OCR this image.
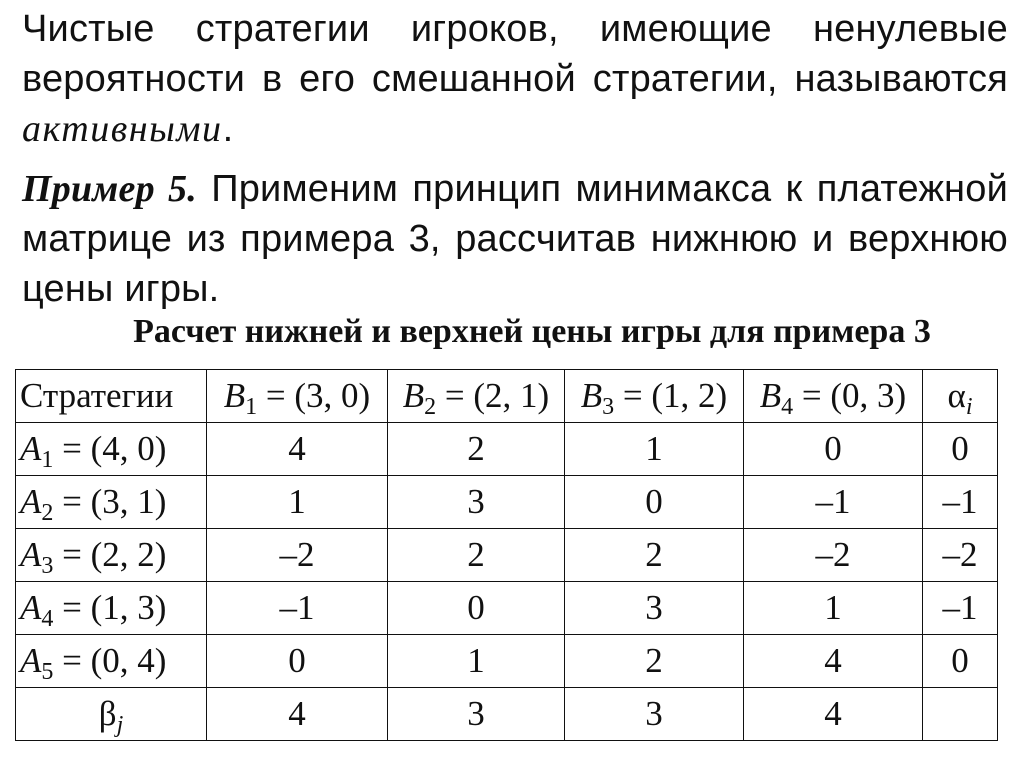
Чистые стратегии игроков, имеющие ненулевые вероятности в его смешанной стратегии, называются активными.
Пример 5. Применим принцип минимакса к платежной матрице из примера 3, рассчитав нижнюю и верхнюю цены игры.
Расчет нижней и верхней цены игры для примера 3
Стратегии	$B_1 = (3$, 0)	$B_2 = (2$, 1)	$B_3 = (1$, 2)	$B_4 = (0$, 3)	$\alpha_i$
$A_1 = (4$, 0)	4	2	1	0	0
$A_2 = (3$, 1)	1	3	0	–1	–1
$A_3 = (2$, 2)	–2	2	2	–2	–2
$A_4 = (1$, 3)	–1	0	3	1	–1
$A_5 = (0$, 4)	0	1	2	4	0
$\beta_j$	4	3	3	4	
